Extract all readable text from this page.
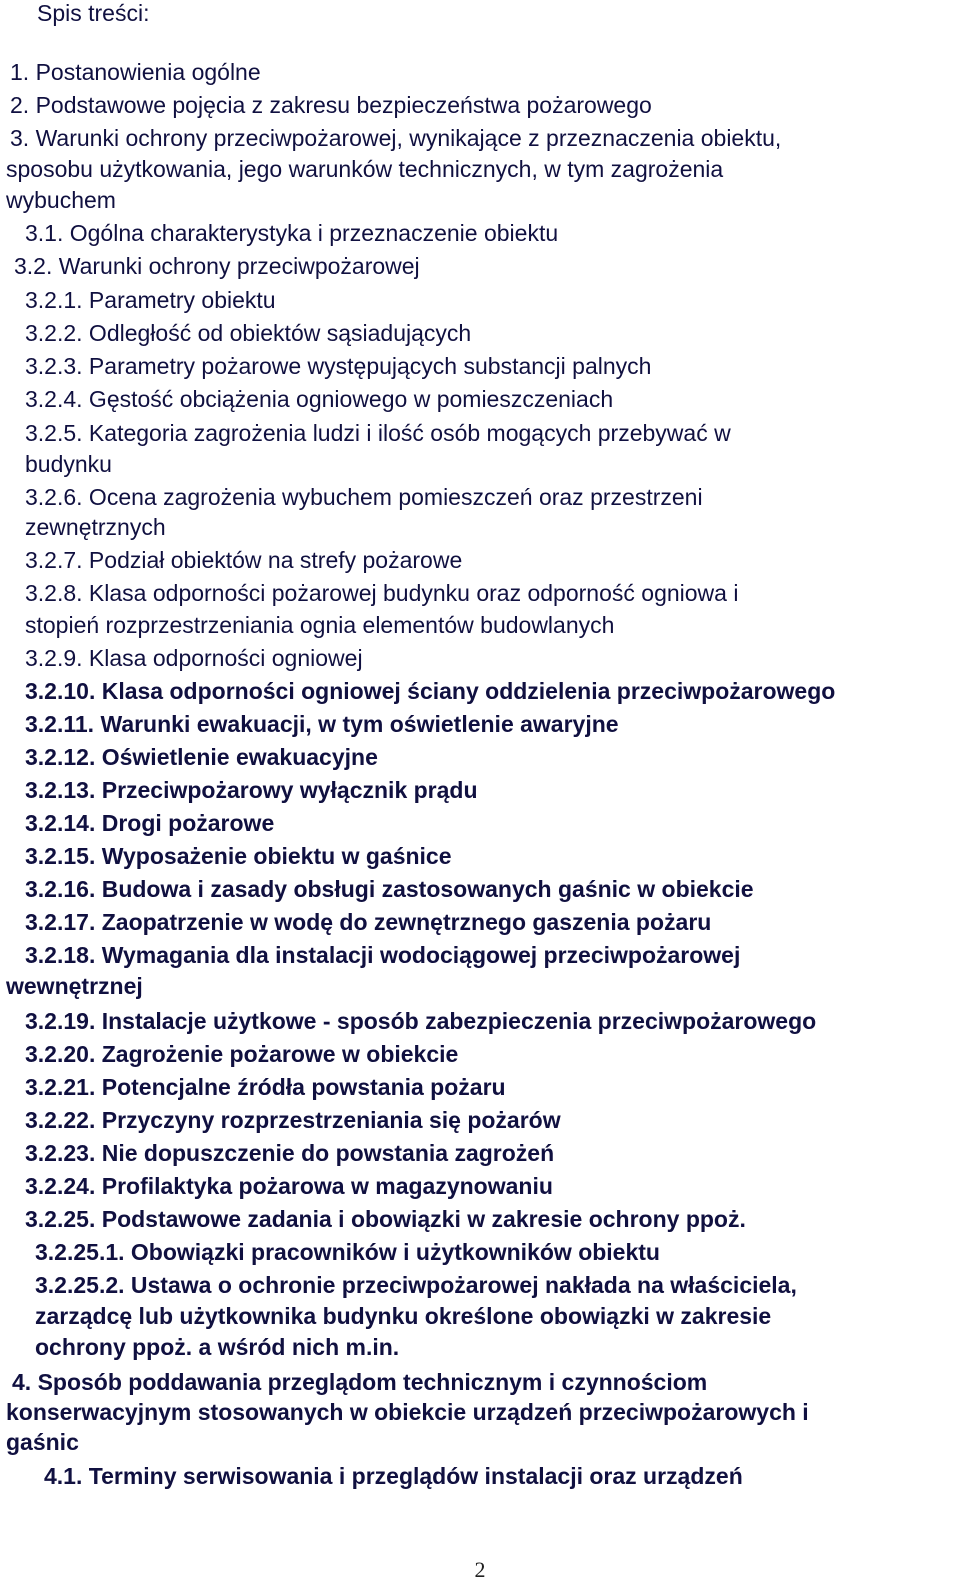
Spis treści:
1. Postanowienia ogólne
2. Podstawowe pojęcia z zakresu bezpieczeństwa pożarowego
3. Warunki ochrony przeciwpożarowej, wynikające z przeznaczenia obiektu,
sposobu użytkowania, jego warunków technicznych, w tym zagrożenia
wybuchem
3.1. Ogólna charakterystyka i przeznaczenie obiektu
3.2. Warunki ochrony przeciwpożarowej
3.2.1. Parametry obiektu
3.2.2. Odległość od obiektów sąsiadujących
3.2.3. Parametry pożarowe występujących substancji palnych
3.2.4. Gęstość obciążenia ogniowego w pomieszczeniach
3.2.5. Kategoria zagrożenia ludzi i ilość osób mogących przebywać w
budynku
3.2.6. Ocena zagrożenia wybuchem pomieszczeń oraz przestrzeni
zewnętrznych
3.2.7. Podział obiektów na strefy pożarowe
3.2.8. Klasa odporności pożarowej budynku oraz odporność ogniowa i
stopień rozprzestrzeniania ognia elementów budowlanych
3.2.9. Klasa odporności ogniowej
3.2.10. Klasa odporności ogniowej ściany oddzielenia przeciwpożarowego
3.2.11. Warunki ewakuacji, w tym oświetlenie awaryjne
3.2.12. Oświetlenie ewakuacyjne
3.2.13. Przeciwpożarowy wyłącznik prądu
3.2.14. Drogi pożarowe
3.2.15. Wyposażenie obiektu w gaśnice
3.2.16. Budowa i zasady obsługi zastosowanych gaśnic w obiekcie
3.2.17. Zaopatrzenie w wodę do zewnętrznego gaszenia pożaru
3.2.18. Wymagania dla instalacji wodociągowej przeciwpożarowej
wewnętrznej
3.2.19. Instalacje użytkowe - sposób zabezpieczenia przeciwpożarowego
3.2.20. Zagrożenie pożarowe w obiekcie
3.2.21. Potencjalne źródła powstania pożaru
3.2.22. Przyczyny rozprzestrzeniania się pożarów
3.2.23. Nie dopuszczenie do powstania zagrożeń
3.2.24. Profilaktyka pożarowa w magazynowaniu
3.2.25. Podstawowe zadania i obowiązki w zakresie ochrony ppoż.
3.2.25.1. Obowiązki pracowników i użytkowników obiektu
3.2.25.2. Ustawa o ochronie przeciwpożarowej nakłada na właściciela,
zarządcę lub użytkownika budynku określone obowiązki w zakresie
ochrony ppoż. a wśród nich m.in.
4. Sposób poddawania przeglądom technicznym i czynnościom
konserwacyjnym stosowanych w obiekcie urządzeń przeciwpożarowych i
gaśnic
4.1. Terminy serwisowania i przeglądów instalacji oraz urządzeń
2
